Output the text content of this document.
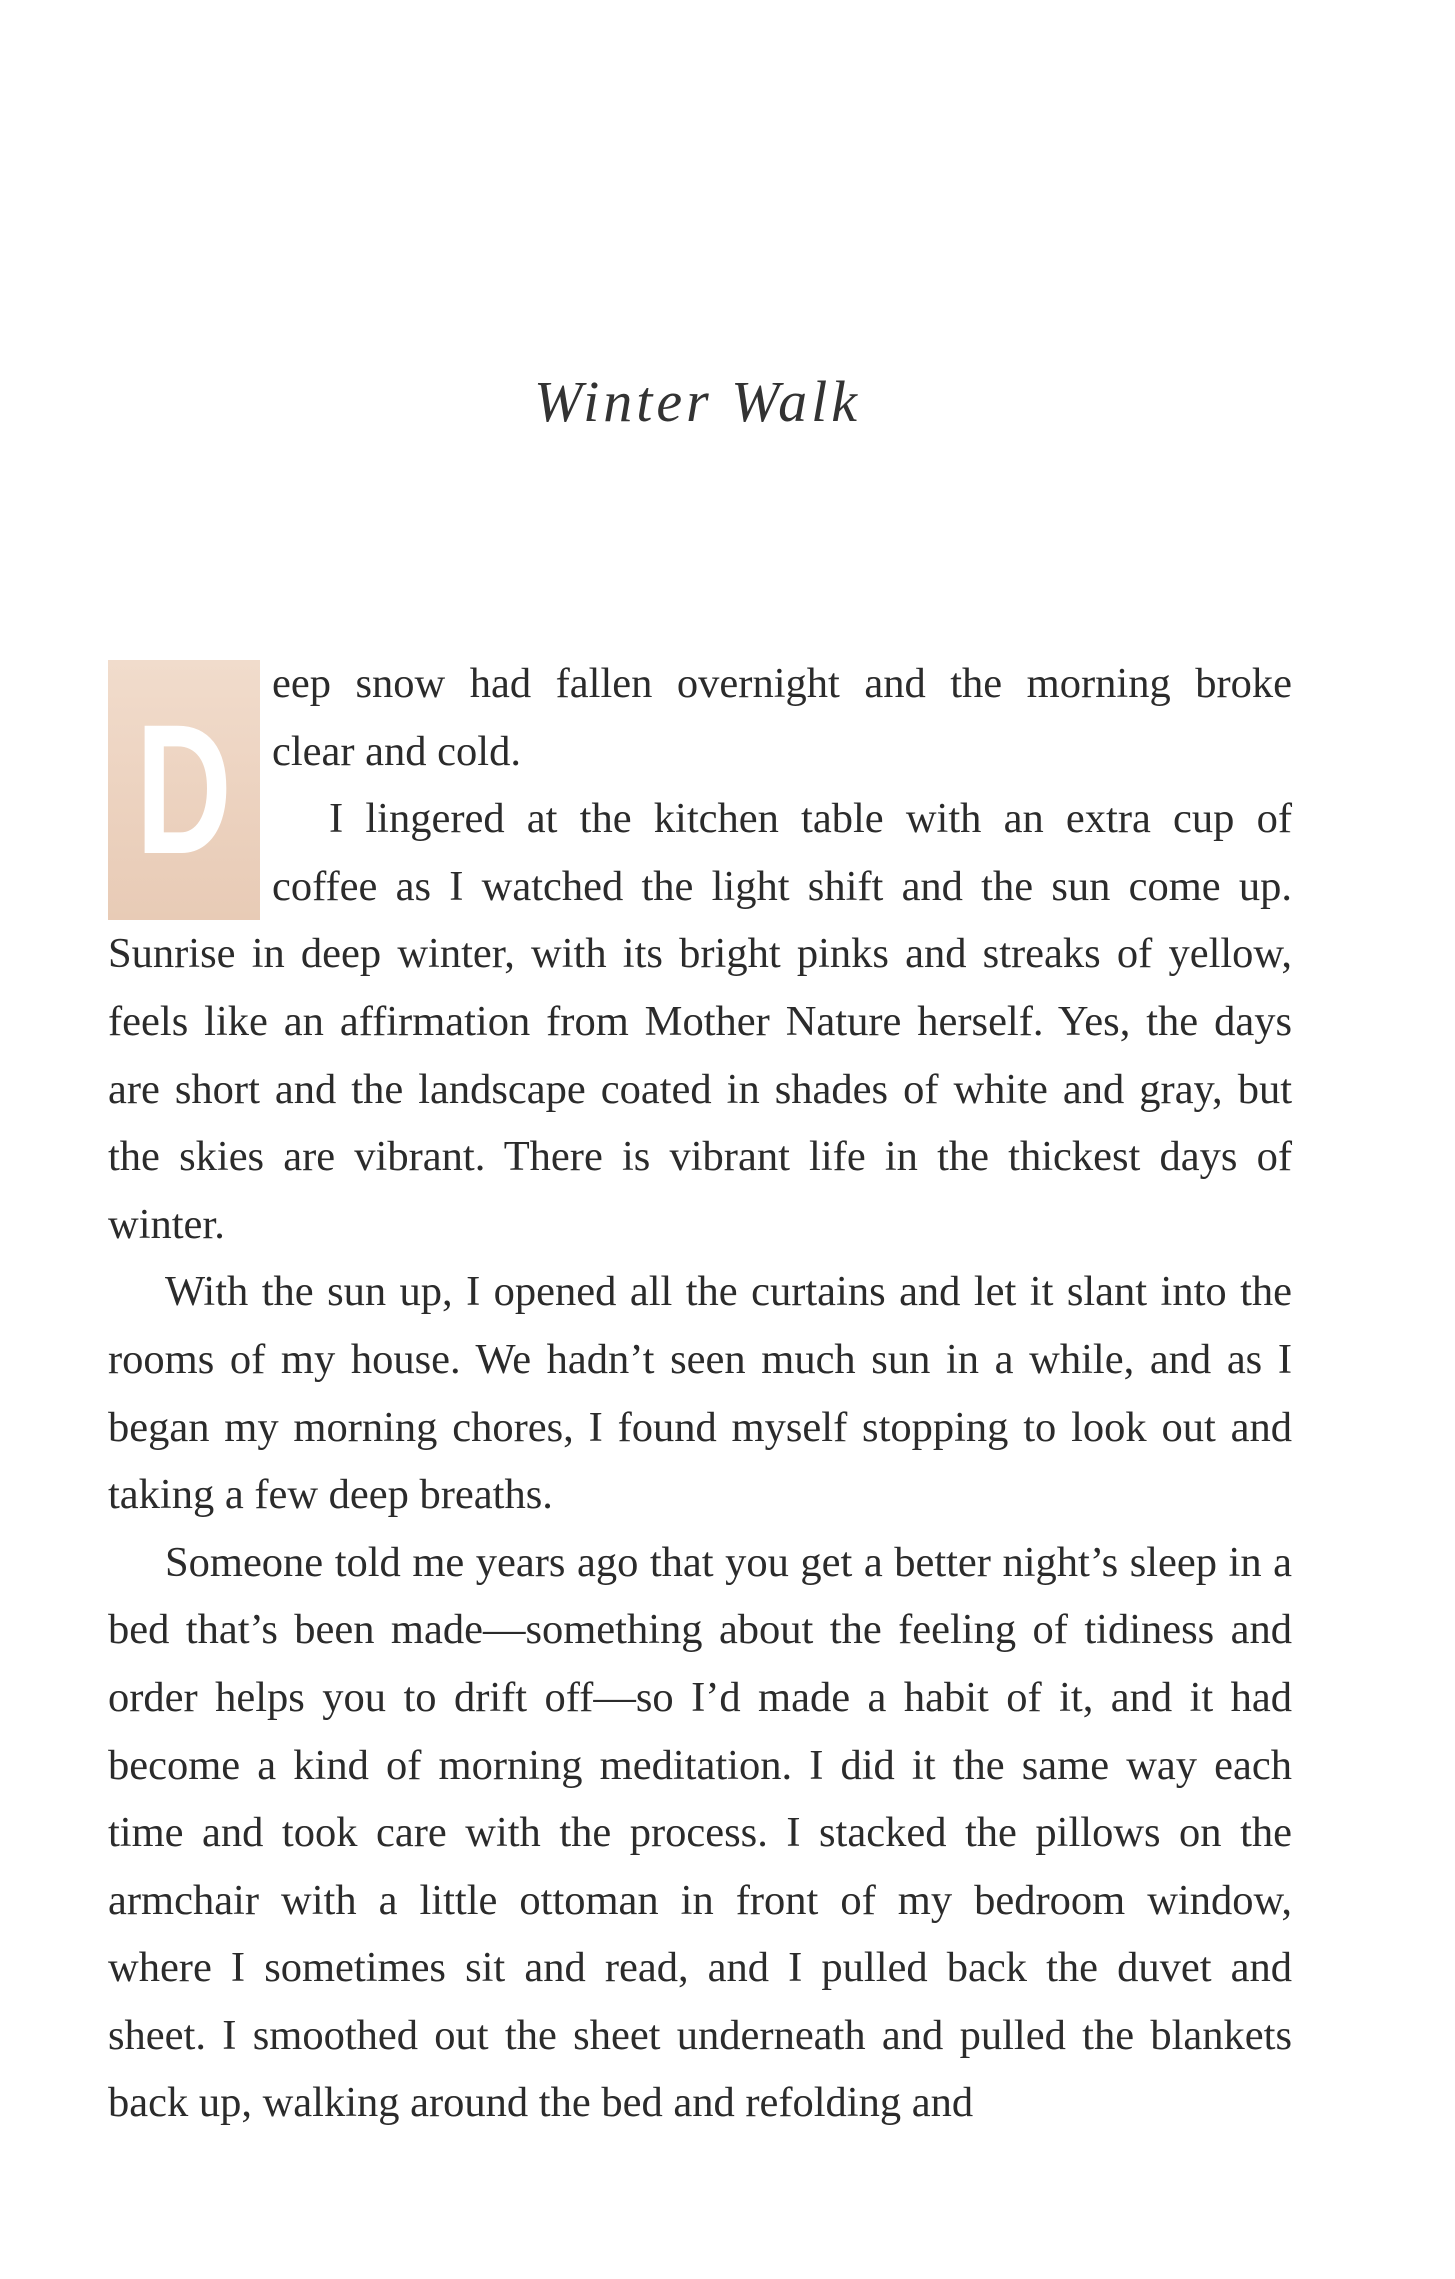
Winter Walk
D

eep snow had fallen overnight and the morning broke
clear and cold.

I lingered at the kitchen table with an extra cup of
coffee as I watched the light shift and the sun come up.
Sunrise in deep winter, with its bright pinks and streaks of yellow, feels like an affirmation from Mother Nature herself. Yes, the days are short and the landscape coated in shades of white and gray, but the skies are vibrant. There is vibrant life in the thickest days of winter.

With the sun up, I opened all the curtains and let it slant into the rooms of my house. We hadn’t seen much sun in a while, and as I began my morning chores, I found myself stopping to look out and taking a few deep breaths.

Someone told me years ago that you get a better night’s sleep in a bed that’s been made—something about the feeling of tidiness and order helps you to drift off—so I’d made a habit of it, and it had become a kind of morning meditation. I did it the same way each time and took care with the process. I stacked the pillows on the armchair with a little ottoman in front of my bedroom window, where I sometimes sit and read, and I pulled back the duvet and sheet. I smoothed out the sheet underneath and pulled the blankets back up, walking around the bed and refolding and
